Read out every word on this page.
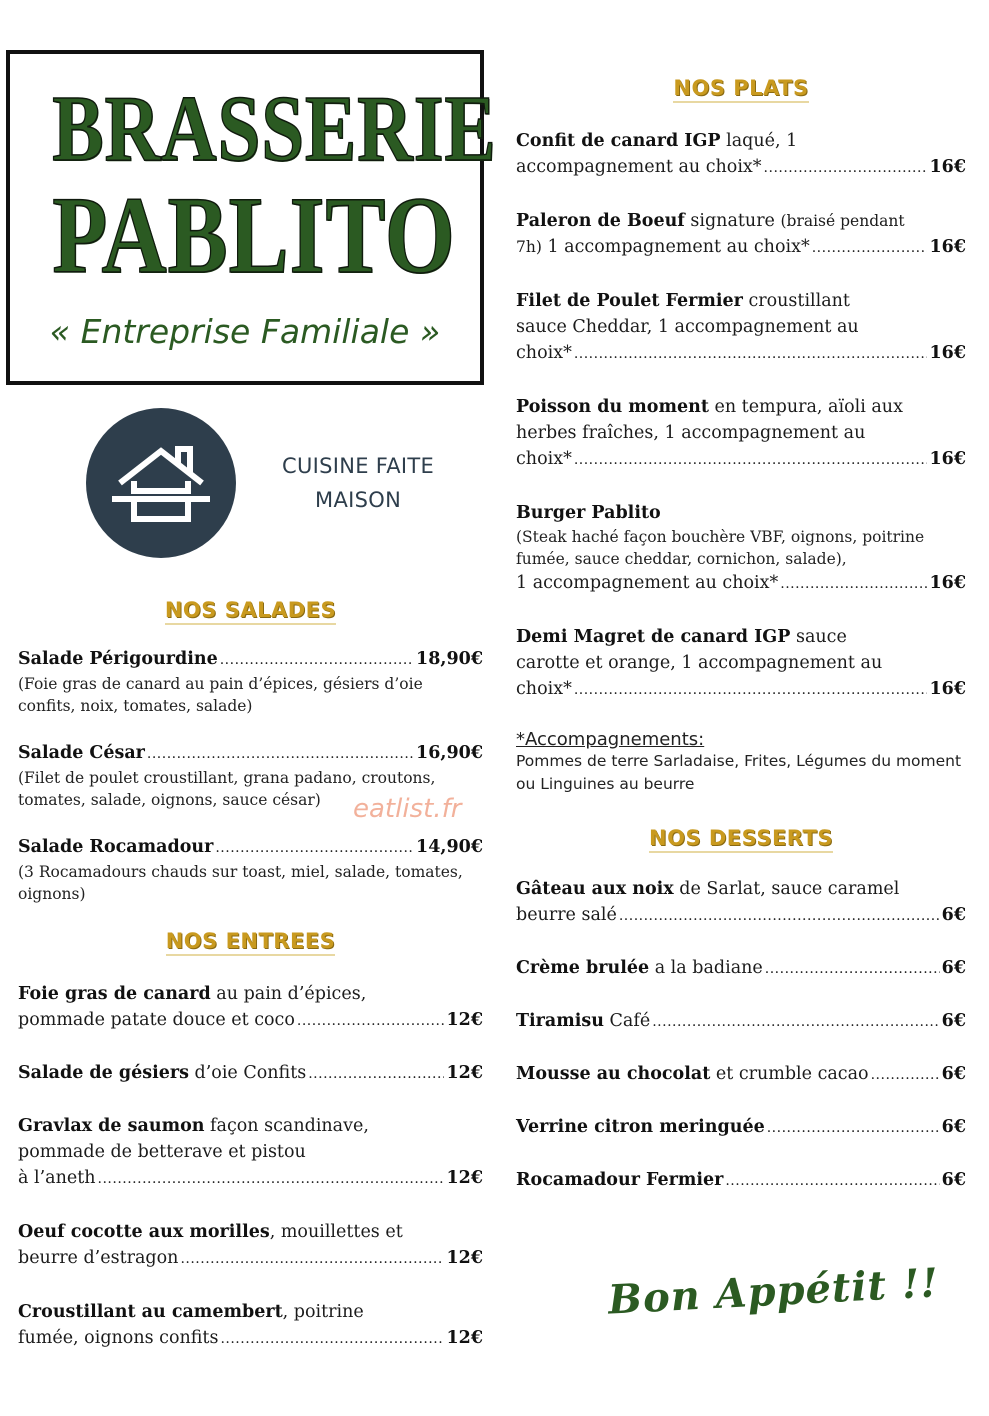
BRASSERIE
PABLITO
« Entreprise Familiale »
CUISINE FAITE
MAISON
NOS SALADES
Salade Périgourdine .....	18,90€
(Foie gras de canard au pain d’épices, gésiers d’oie confits, noix, tomates, salade)
Salade César .....	16,90€
(Filet de poulet croustillant, grana padano, croutons, tomates, salade, oignons, sauce césar)
Salade Rocamadour .....	14,90€
(3 Rocamadours chauds sur toast, miel, salade, tomates, oignons)
NOS ENTREES
Foie gras de canard au pain d’épices,
pommade patate douce et coco .....	12€
Salade de gésiers d’oie Confits .....	12€
Gravlax de saumon façon scandinave,
pommade de betterave et pistou
à l’aneth .....	12€
Oeuf cocotte aux morilles, mouillettes et
beurre d’estragon .....	12€
Croustillant au camembert, poitrine
fumée, oignons confits .....	12€
NOS PLATS
Confit de canard IGP laqué, 1
accompagnement au choix* .....	16€
Paleron de Boeuf signature (braisé pendant
7h) 1 accompagnement au choix* .....	16€
Filet de Poulet Fermier croustillant
sauce Cheddar, 1 accompagnement au
choix* .....	16€
Poisson du moment en tempura, aïoli aux
herbes fraîches, 1 accompagnement au
choix* .....	16€
Burger Pablito
(Steak haché façon bouchère VBF, oignons, poitrine fumée, sauce cheddar, cornichon, salade),
1 accompagnement au choix* .....	16€
Demi Magret de canard IGP sauce
carotte et orange, 1 accompagnement au
choix* .....	16€
*Accompagnements:
Pommes de terre Sarladaise, Frites, Légumes du moment ou Linguines au beurre
NOS DESSERTS
Gâteau aux noix de Sarlat, sauce caramel
beurre salé .....	6€
Crème brulée a la badiane .....	6€
Tiramisu Café .....	6€
Mousse au chocolat et crumble cacao .....	6€
Verrine citron meringuée .....	6€
Rocamadour Fermier .....	6€
eatlist.fr
Bon Appétit !!
